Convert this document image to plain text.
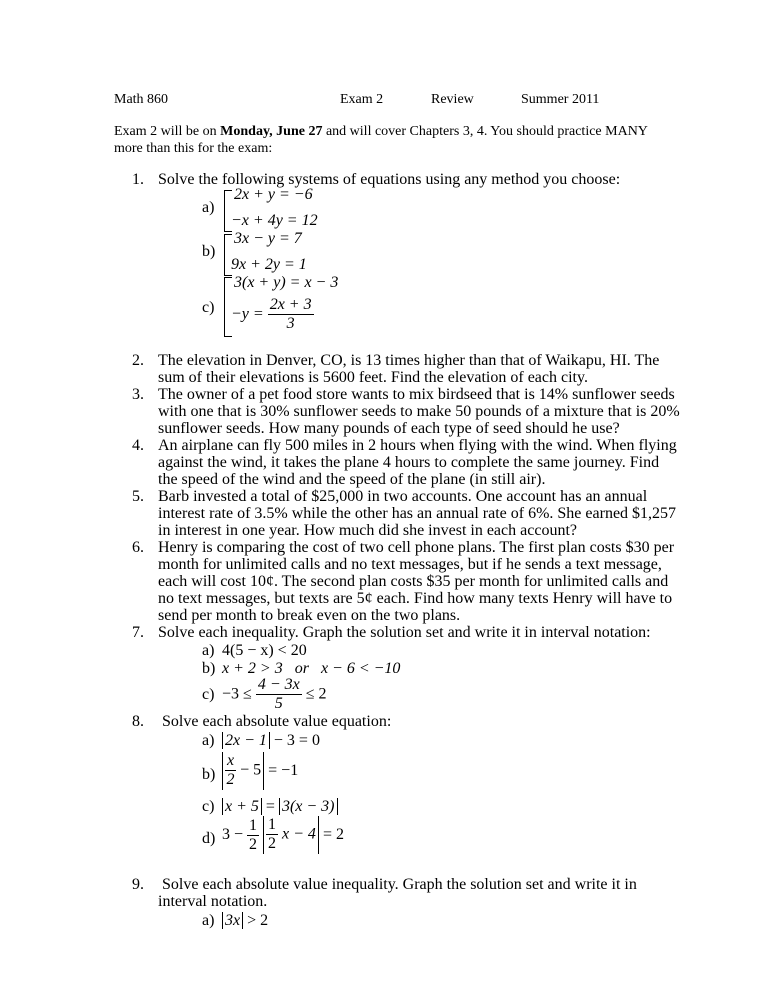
Math 860	Exam 2	Review	Summer 2011
Exam 2 will be on Monday, June 27 and will cover Chapters 3, 4. You should practice MANY
more than this for the exam:
1. Solve the following systems of equations using any method you choose:
a)
2x + y = −6
−x + 4y = 12
b)
3x − y = 7
9x + 2y = 1
c)
3(x + y) = x − 3
$-y = \frac{2x + 3}{3}$
2. The elevation in Denver, CO, is 13 times higher than that of Waikapu, HI. The
sum of their elevations is 5600 feet. Find the elevation of each city.
3. The owner of a pet food store wants to mix birdseed that is 14% sunflower seeds
with one that is 30% sunflower seeds to make 50 pounds of a mixture that is 20%
sunflower seeds. How many pounds of each type of seed should he use?
4. An airplane can fly 500 miles in 2 hours when flying with the wind. When flying
against the wind, it takes the plane 4 hours to complete the same journey. Find
the speed of the wind and the speed of the plane (in still air).
5. Barb invested a total of $25,000 in two accounts. One account has an annual
interest rate of 3.5% while the other has an annual rate of 6%. She earned $1,257
in interest in one year. How much did she invest in each account?
6. Henry is comparing the cost of two cell phone plans. The first plan costs $30 per
month for unlimited calls and no text messages, but if he sends a text message,
each will cost 10¢. The second plan costs $35 per month for unlimited calls and
no text messages, but texts are 5¢ each. Find how many texts Henry will have to
send per month to break even on the two plans.
7. Solve each inequality. Graph the solution set and write it in interval notation:
a) 4(5 − x) < 20
b) x + 2 > 3 or x − 6 < −10
$c) -3 \le \frac{4 - 3x}{5} \le 2$
8. Solve each absolute value equation:
a) 2x − 1 − 3 = 0
$b) \frac{x}{2} - 5 = -1$
c) x + 5 = 3(x − 3)
d) $3 - \frac{1}{2}$
$\frac{1}{2}$ x − 4 = 2
9. Solve each absolute value inequality. Graph the solution set and write it in
interval notation.
a) 3x > 2
